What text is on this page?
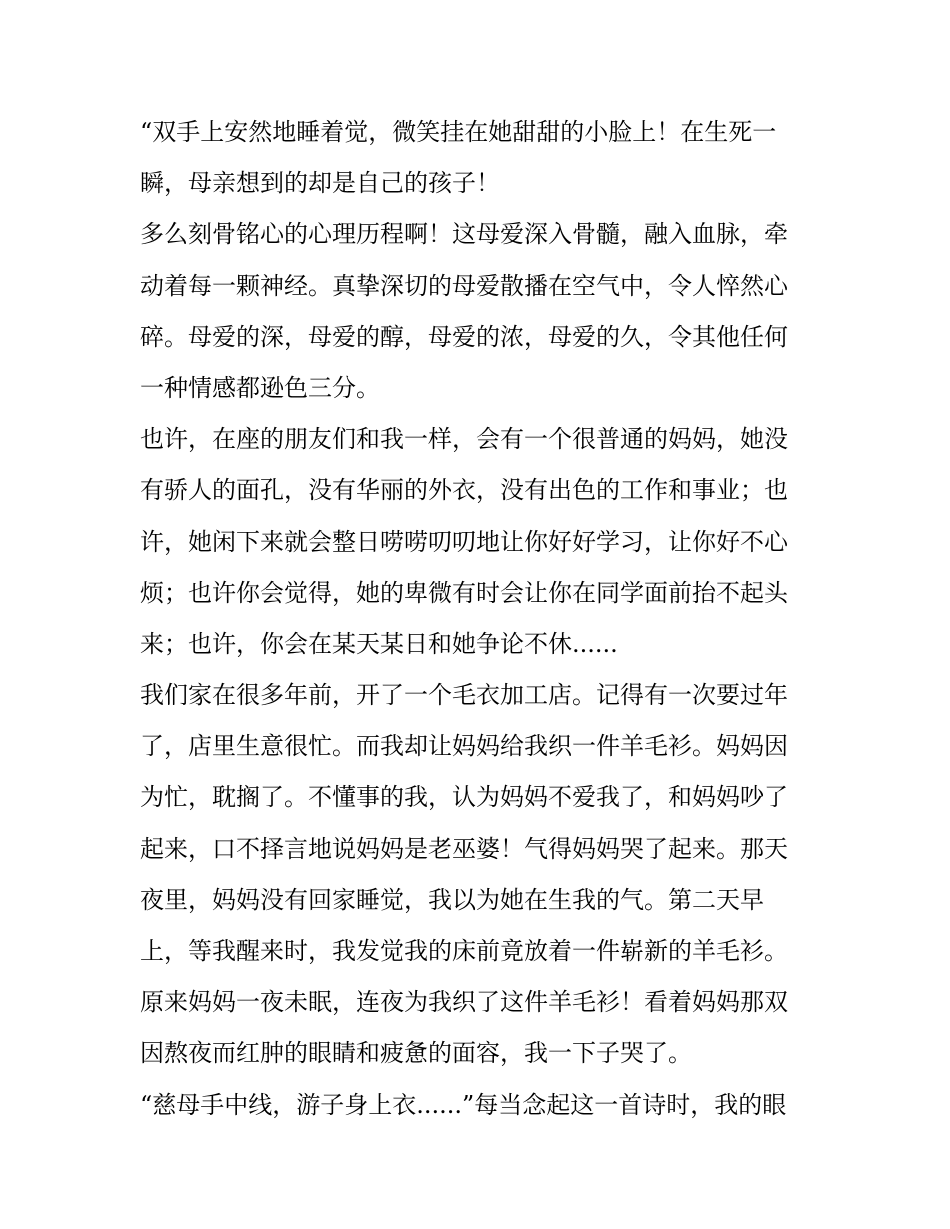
“双手上安然地睡着觉，微笑挂在她甜甜的小脸上！在生死一
瞬，母亲想到的却是自己的孩子！
多么刻骨铭心的心理历程啊！这母爱深入骨髓，融入血脉，牵
动着每一颗神经。真挚深切的母爱散播在空气中，令人悴然心
碎。母爱的深，母爱的醇，母爱的浓，母爱的久，令其他任何
一种情感都逊色三分。
也许，在座的朋友们和我一样，会有一个很普通的妈妈，她没
有骄人的面孔，没有华丽的外衣，没有出色的工作和事业；也
许，她闲下来就会整日唠唠叨叨地让你好好学习，让你好不心
烦；也许你会觉得，她的卑微有时会让你在同学面前抬不起头
来；也许，你会在某天某日和她争论不休......
我们家在很多年前，开了一个毛衣加工店。记得有一次要过年
了，店里生意很忙。而我却让妈妈给我织一件羊毛衫。妈妈因
为忙，耽搁了。不懂事的我，认为妈妈不爱我了，和妈妈吵了
起来，口不择言地说妈妈是老巫婆！气得妈妈哭了起来。那天
夜里，妈妈没有回家睡觉，我以为她在生我的气。第二天早
上，等我醒来时，我发觉我的床前竟放着一件崭新的羊毛衫。
原来妈妈一夜未眠，连夜为我织了这件羊毛衫！看着妈妈那双
因熬夜而红肿的眼睛和疲惫的面容，我一下子哭了。
“慈母手中线，游子身上衣......”每当念起这一首诗时，我的眼
